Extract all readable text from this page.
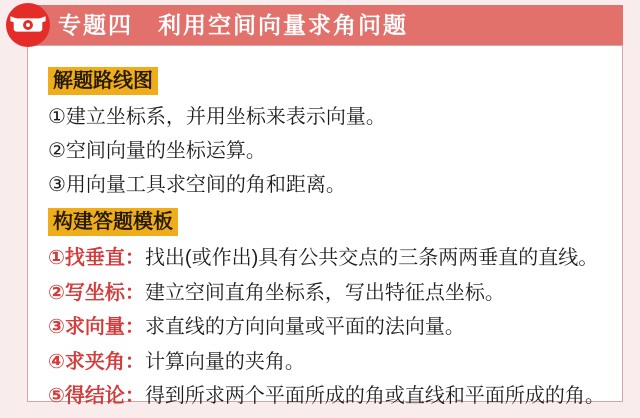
专题四　利用空间向量求角问题
解题路线图
①建立坐标系，并用坐标来表示向量。
②空间向量的坐标运算。
③用向量工具求空间的角和距离。
构建答题模板
①找垂直：找出(或作出)具有公共交点的三条两两垂直的直线。
②写坐标：建立空间直角坐标系，写出特征点坐标。
③求向量：求直线的方向向量或平面的法向量。
④求夹角：计算向量的夹角。
⑤得结论：得到所求两个平面所成的角或直线和平面所成的角。
